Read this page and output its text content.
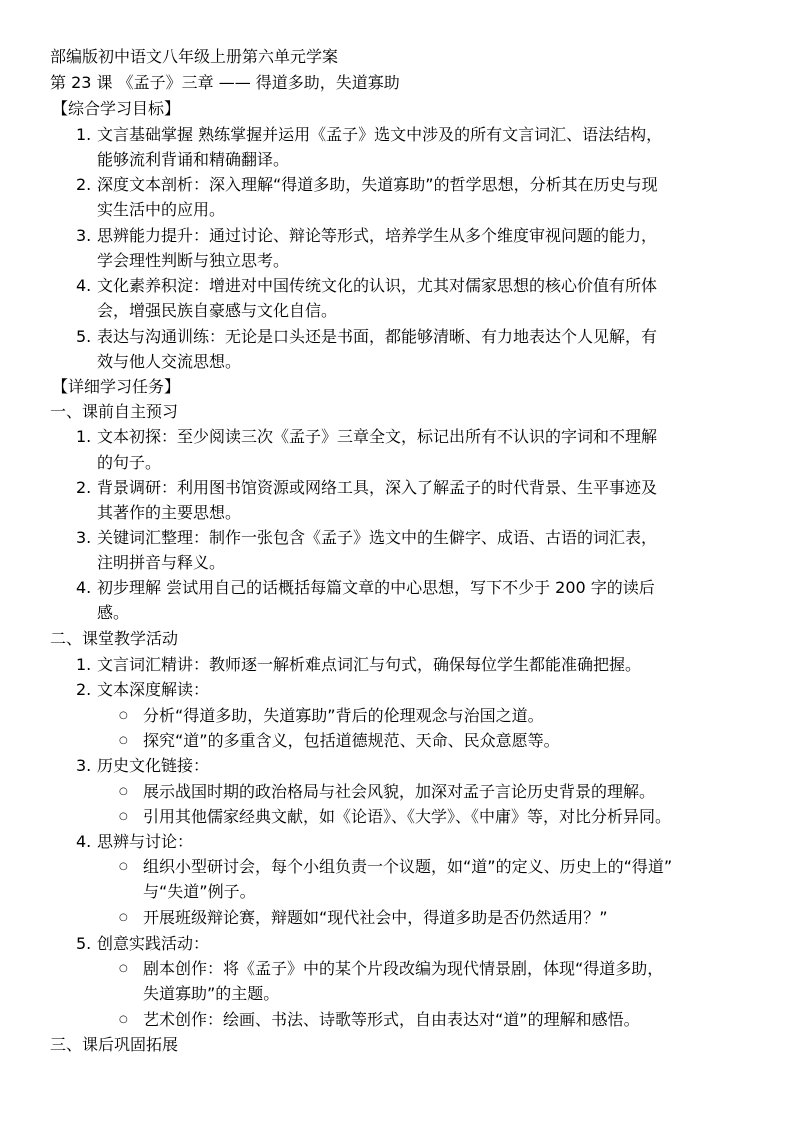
部编版初中语文八年级上册第六单元学案
第 23 课 《孟子》三章 —— 得道多助，失道寡助
【综合学习目标】
1. 文言基础掌握 熟练掌握并运用《孟子》选文中涉及的所有文言词汇、语法结构，
能够流利背诵和精确翻译。
2. 深度文本剖析：深入理解“得道多助，失道寡助”的哲学思想，分析其在历史与现
实生活中的应用。
3. 思辨能力提升：通过讨论、辩论等形式，培养学生从多个维度审视问题的能力，
学会理性判断与独立思考。
4. 文化素养积淀：增进对中国传统文化的认识，尤其对儒家思想的核心价值有所体
会，增强民族自豪感与文化自信。
5. 表达与沟通训练：无论是口头还是书面，都能够清晰、有力地表达个人见解，有
效与他人交流思想。
【详细学习任务】
一、课前自主预习
1. 文本初探：至少阅读三次《孟子》三章全文，标记出所有不认识的字词和不理解
的句子。
2. 背景调研：利用图书馆资源或网络工具，深入了解孟子的时代背景、生平事迹及
其著作的主要思想。
3. 关键词汇整理：制作一张包含《孟子》选文中的生僻字、成语、古语的词汇表，
注明拼音与释义。
4. 初步理解 尝试用自己的话概括每篇文章的中心思想，写下不少于 200 字的读后
感。
二、课堂教学活动
1. 文言词汇精讲：教师逐一解析难点词汇与句式，确保每位学生都能准确把握。
2. 文本深度解读：
○ 分析“得道多助，失道寡助”背后的伦理观念与治国之道。
○ 探究“道”的多重含义，包括道德规范、天命、民众意愿等。
3. 历史文化链接：
○ 展示战国时期的政治格局与社会风貌，加深对孟子言论历史背景的理解。
○ 引用其他儒家经典文献，如《论语》、《大学》、《中庸》等，对比分析异同。
4. 思辨与讨论：
○ 组织小型研讨会，每个小组负责一个议题，如“道”的定义、历史上的“得道”
与“失道”例子。
○ 开展班级辩论赛，辩题如“现代社会中，得道多助是否仍然适用？”
5. 创意实践活动：
○ 剧本创作：将《孟子》中的某个片段改编为现代情景剧，体现“得道多助，
失道寡助”的主题。
○ 艺术创作：绘画、书法、诗歌等形式，自由表达对“道”的理解和感悟。
三、课后巩固拓展
